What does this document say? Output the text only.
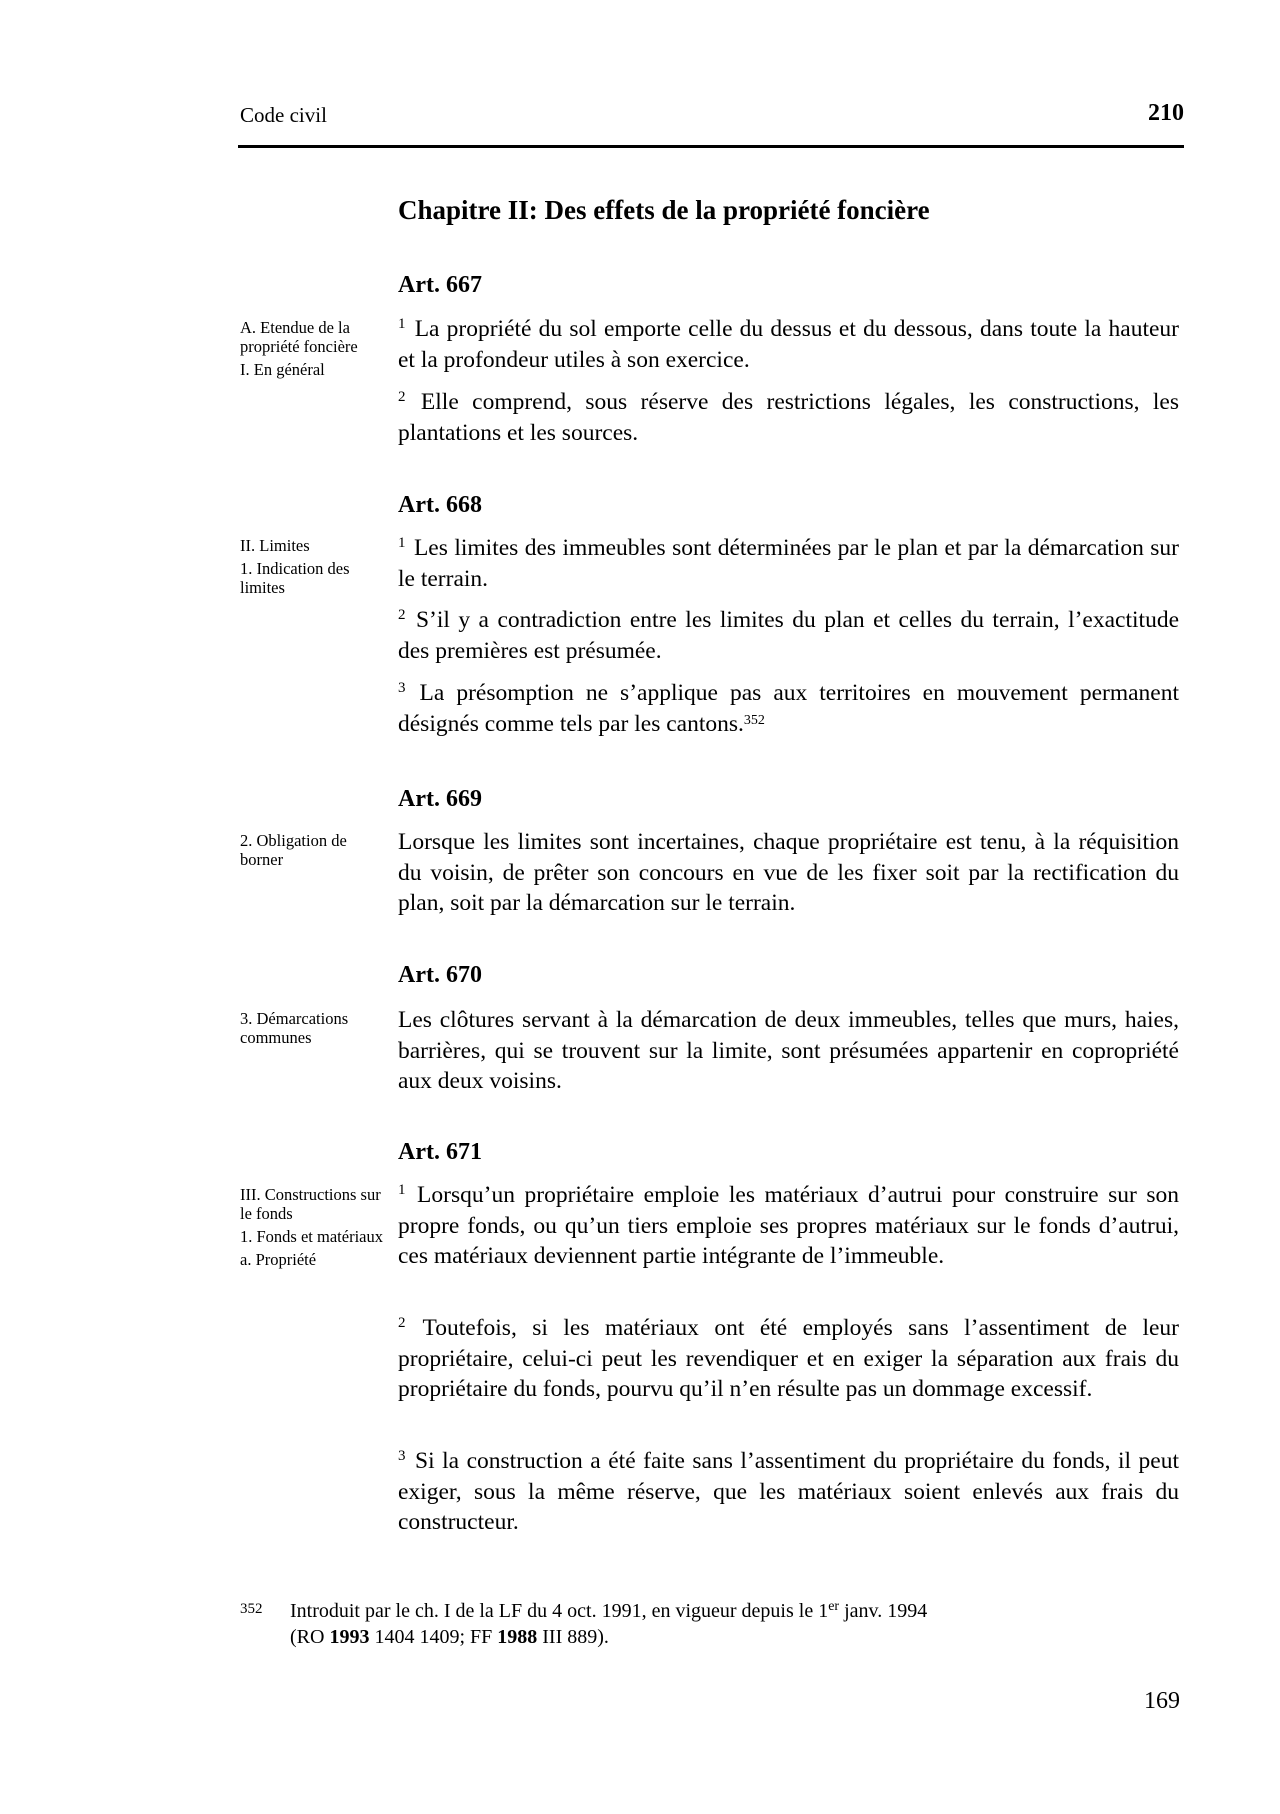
Code civil	210
Chapitre II: Des effets de la propriété foncière
Art. 667
A. Etendue de la propriété foncière
I. En général
$^1$ La propriété du sol emporte celle du dessus et du dessous, dans toute la hauteur et la profondeur utiles à son exercice.
$^2$ Elle comprend, sous réserve des restrictions légales, les constructions, les plantations et les sources.
Art. 668
II. Limites
1. Indication des limites
$^1$ Les limites des immeubles sont déterminées par le plan et par la démarcation sur le terrain.
$^2$ S’il y a contradiction entre les limites du plan et celles du terrain, l’exactitude des premières est présumée.
$^3$ La présomption ne s’applique pas aux territoires en mouvement permanent désignés comme tels par les cantons.$^{352}$
Art. 669
2. Obligation de borner
Lorsque les limites sont incertaines, chaque propriétaire est tenu, à la réquisition du voisin, de prêter son concours en vue de les fixer soit par la rectification du plan, soit par la démarcation sur le terrain.
Art. 670
3. Démarcations communes
Les clôtures servant à la démarcation de deux immeubles, telles que murs, haies, barrières, qui se trouvent sur la limite, sont présumées appartenir en copropriété aux deux voisins.
Art. 671
III. Constructions sur le fonds
1. Fonds et matériaux
a. Propriété
$^1$ Lorsqu’un propriétaire emploie les matériaux d’autrui pour construire sur son propre fonds, ou qu’un tiers emploie ses propres matériaux sur le fonds d’autrui, ces matériaux deviennent partie intégrante de l’immeuble.
$^2$ Toutefois, si les matériaux ont été employés sans l’assentiment de leur propriétaire, celui-ci peut les revendiquer et en exiger la séparation aux frais du propriétaire du fonds, pourvu qu’il n’en résulte pas un dommage excessif.
$^3$ Si la construction a été faite sans l’assentiment du propriétaire du fonds, il peut exiger, sous la même réserve, que les matériaux soient enlevés aux frais du constructeur.
352 Introduit par le ch. I de la LF du 4 oct. 1991, en vigueur depuis le 1er janv. 1994
(RO 1993 1404 1409; FF 1988 III 889).
169
